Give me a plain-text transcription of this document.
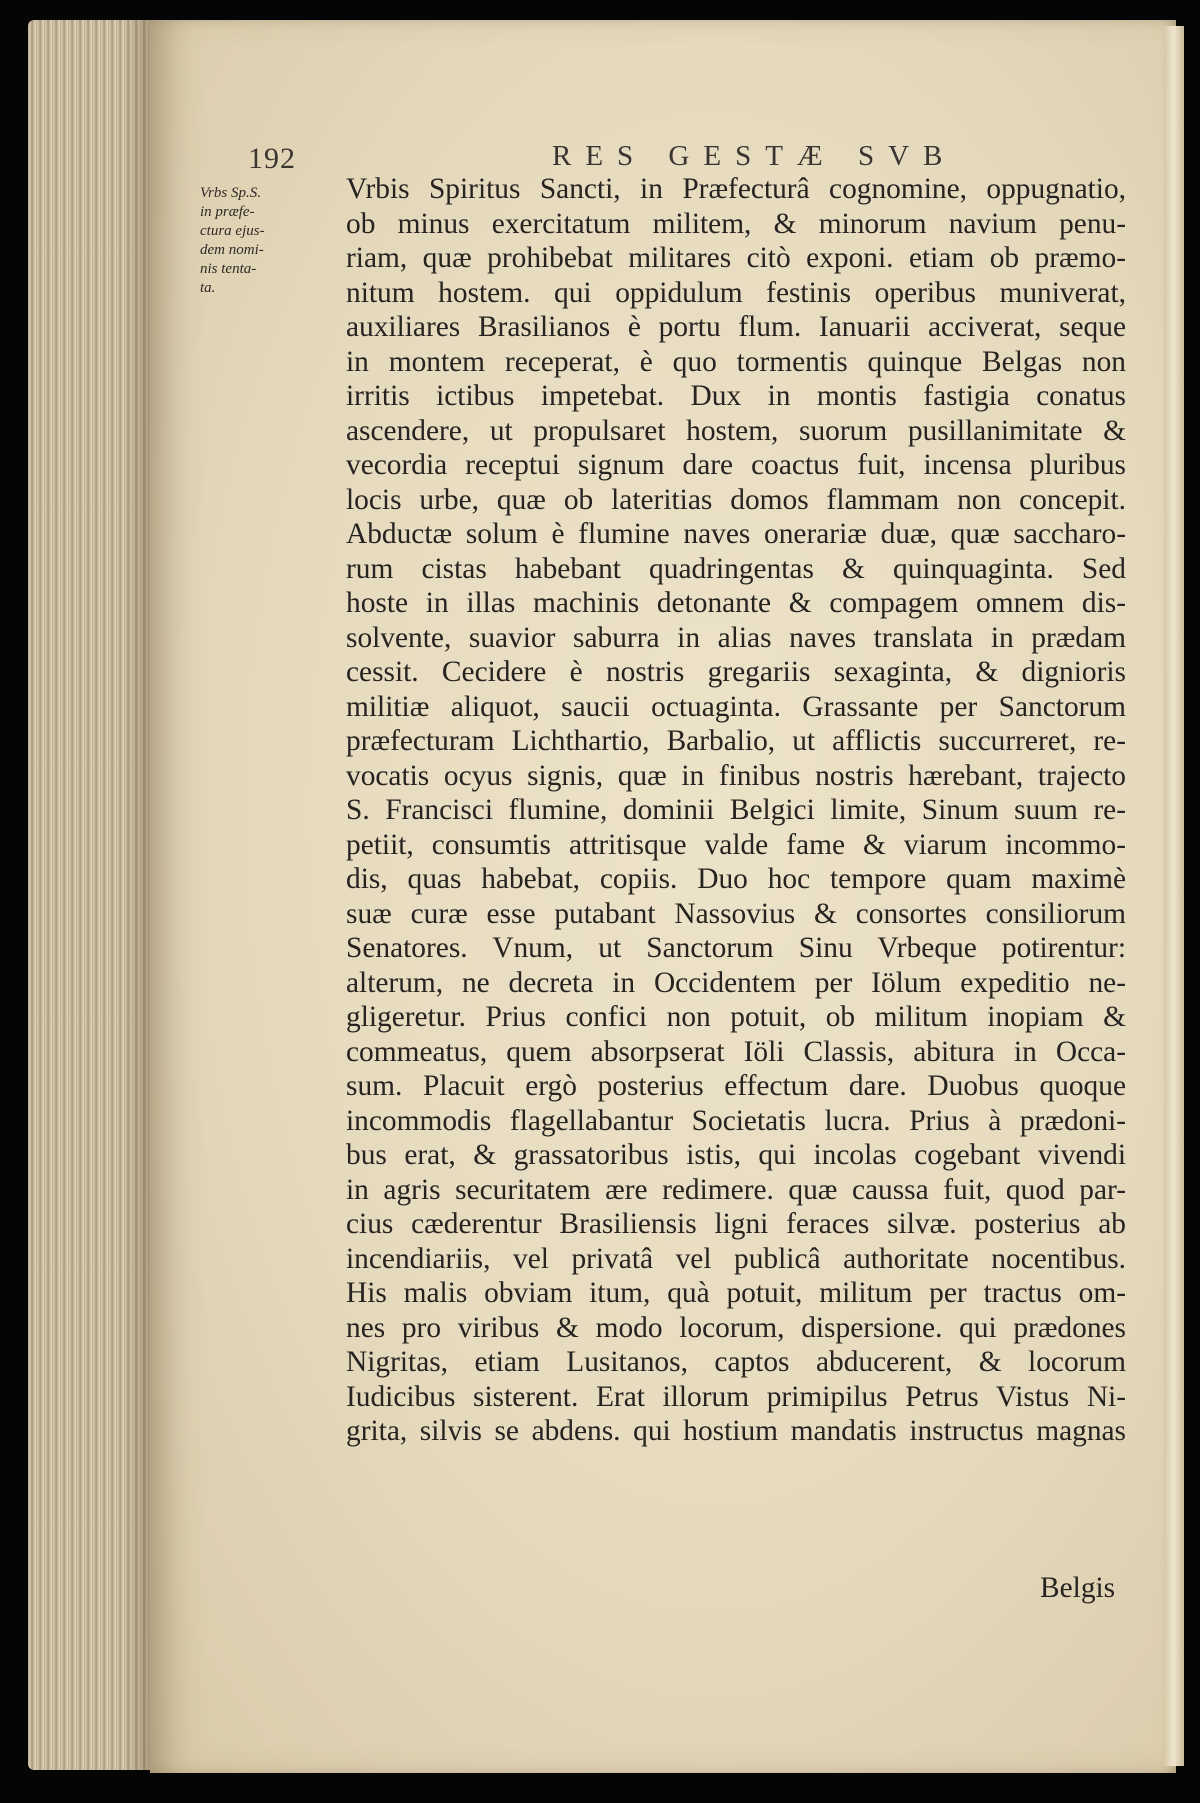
192	RES GESTÆ SVB
Vrbs Sp.S.
in præfe-
ctura ejus-
dem nomi-
nis tenta-
ta.
Vrbis Spiritus Sancti, in Præfecturâ cognomine, oppugnatio,
ob minus exercitatum militem, & minorum navium penu-
riam, quæ prohibebat militares citò exponi. etiam ob præmo-
nitum hostem. qui oppidulum festinis operibus muniverat,
auxiliares Brasilianos è portu flum. Ianuarii acciverat, seque
in montem receperat, è quo tormentis quinque Belgas non
irritis ictibus impetebat. Dux in montis fastigia conatus
ascendere, ut propulsaret hostem, suorum pusillanimitate &
vecordia receptui signum dare coactus fuit, incensa pluribus
locis urbe, quæ ob lateritias domos flammam non concepit.
Abductæ solum è flumine naves onerariæ duæ, quæ saccharo-
rum cistas habebant quadringentas & quinquaginta. Sed
hoste in illas machinis detonante & compagem omnem dis-
solvente, suavior saburra in alias naves translata in prædam
cessit. Cecidere è nostris gregariis sexaginta, & dignioris
militiæ aliquot, saucii octuaginta. Grassante per Sanctorum
præfecturam Lichthartio, Barbalio, ut afflictis succurreret, re-
vocatis ocyus signis, quæ in finibus nostris hærebant, trajecto
S. Francisci flumine, dominii Belgici limite, Sinum suum re-
petiit, consumtis attritisque valde fame & viarum incommo-
dis, quas habebat, copiis. Duo hoc tempore quam maximè
suæ curæ esse putabant Nassovius & consortes consiliorum
Senatores. Vnum, ut Sanctorum Sinu Vrbeque potirentur:
alterum, ne decreta in Occidentem per Iölum expeditio ne-
gligeretur. Prius confici non potuit, ob militum inopiam &
commeatus, quem absorpserat Iöli Classis, abitura in Occa-
sum. Placuit ergò posterius effectum dare. Duobus quoque
incommodis flagellabantur Societatis lucra. Prius à prædoni-
bus erat, & grassatoribus istis, qui incolas cogebant vivendi
in agris securitatem ære redimere. quæ caussa fuit, quod par-
cius cæderentur Brasiliensis ligni feraces silvæ. posterius ab
incendiariis, vel privatâ vel publicâ authoritate nocentibus.
His malis obviam itum, quà potuit, militum per tractus om-
nes pro viribus & modo locorum, dispersione. qui prædones
Nigritas, etiam Lusitanos, captos abducerent, & locorum
Iudicibus sisterent. Erat illorum primipilus Petrus Vistus Ni-
grita, silvis se abdens. qui hostium mandatis instructus magnas
Belgis
